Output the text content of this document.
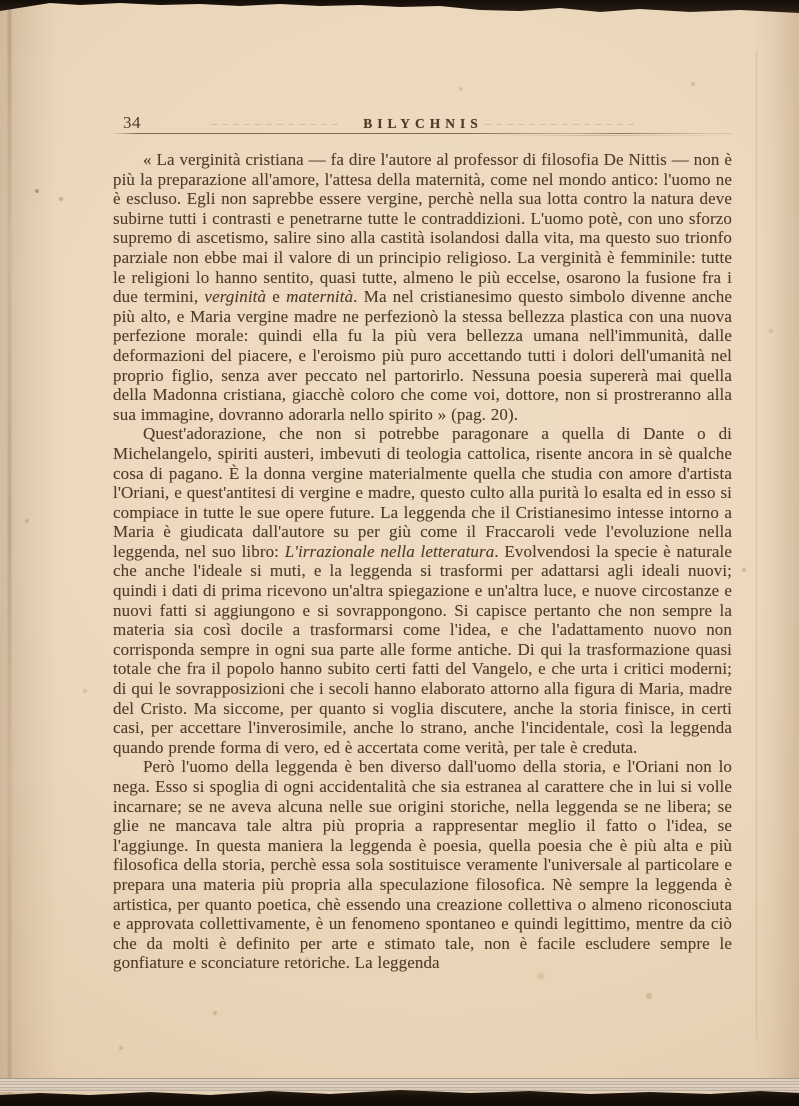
34	BILYCHNIS

« La verginità cristiana — fa dire l'autore al professor di filosofia De Nittis — non è più la preparazione all'amore, l'attesa della maternità, come nel mondo antico: l'uomo ne è escluso. Egli non saprebbe essere vergine, perchè nella sua lotta contro la natura deve subirne tutti i contrasti e penetrarne tutte le contraddizioni. L'uomo potè, con uno sforzo supremo di ascetismo, salire sino alla castità isolandosi dalla vita, ma questo suo trionfo parziale non ebbe mai il valore di un principio religioso. La verginità è femminile: tutte le religioni lo hanno sentito, quasi tutte, almeno le più eccelse, osarono la fusione fra i due termini, verginità e maternità. Ma nel cristianesimo questo simbolo divenne anche più alto, e Maria vergine madre ne perfezionò la stessa bellezza plastica con una nuova perfezione morale: quindi ella fu la più vera bellezza umana nell'immunità, dalle deformazioni del piacere, e l'eroismo più puro accettando tutti i dolori dell'umanità nel proprio figlio, senza aver peccato nel partorirlo. Nessuna poesia supererà mai quella della Madonna cristiana, giacchè coloro che come voi, dottore, non si prostreranno alla sua immagine, dovranno adorarla nello spirito » (pag. 20).

Quest'adorazione, che non si potrebbe paragonare a quella di Dante o di Michelangelo, spiriti austeri, imbevuti di teologia cattolica, risente ancora in sè qualche cosa di pagano. È la donna vergine materialmente quella che studia con amore d'artista l'Oriani, e quest'antitesi di vergine e madre, questo culto alla purità lo esalta ed in esso si compiace in tutte le sue opere future. La leggenda che il Cristianesimo intesse intorno a Maria è giudicata dall'autore su per giù come il Fraccaroli vede l'evoluzione nella leggenda, nel suo libro: L'irrazionale nella letteratura. Evolvendosi la specie è naturale che anche l'ideale si muti, e la leggenda si trasformi per adattarsi agli ideali nuovi; quindi i dati di prima ricevono un'altra spiegazione e un'altra luce, e nuove circostanze e nuovi fatti si aggiungono e si sovrappongono. Si capisce pertanto che non sempre la materia sia così docile a trasformarsi come l'idea, e che l'adattamento nuovo non corrisponda sempre in ogni sua parte alle forme antiche. Di qui la trasformazione quasi totale che fra il popolo hanno subito certi fatti del Vangelo, e che urta i critici moderni; di qui le sovrapposizioni che i secoli hanno elaborato attorno alla figura di Maria, madre del Cristo. Ma siccome, per quanto si voglia discutere, anche la storia finisce, in certi casi, per accettare l'inverosimile, anche lo strano, anche l'incidentale, così la leggenda quando prende forma di vero, ed è accertata come verità, per tale è creduta.

Però l'uomo della leggenda è ben diverso dall'uomo della storia, e l'Oriani non lo nega. Esso si spoglia di ogni accidentalità che sia estranea al carattere che in lui si volle incarnare; se ne aveva alcuna nelle sue origini storiche, nella leggenda se ne libera; se glie ne mancava tale altra più propria a rappresentar meglio il fatto o l'idea, se l'aggiunge. In questa maniera la leggenda è poesia, quella poesia che è più alta e più filosofica della storia, perchè essa sola sostituisce veramente l'universale al particolare e prepara una materia più propria alla speculazione filosofica. Nè sempre la leggenda è artistica, per quanto poetica, chè essendo una creazione collettiva o almeno riconosciuta e approvata collettivamente, è un fenomeno spontaneo e quindi legittimo, mentre da ciò che da molti è definito per arte e stimato tale, non è facile escludere sempre le gonfiature e sconciature retoriche. La leggenda
